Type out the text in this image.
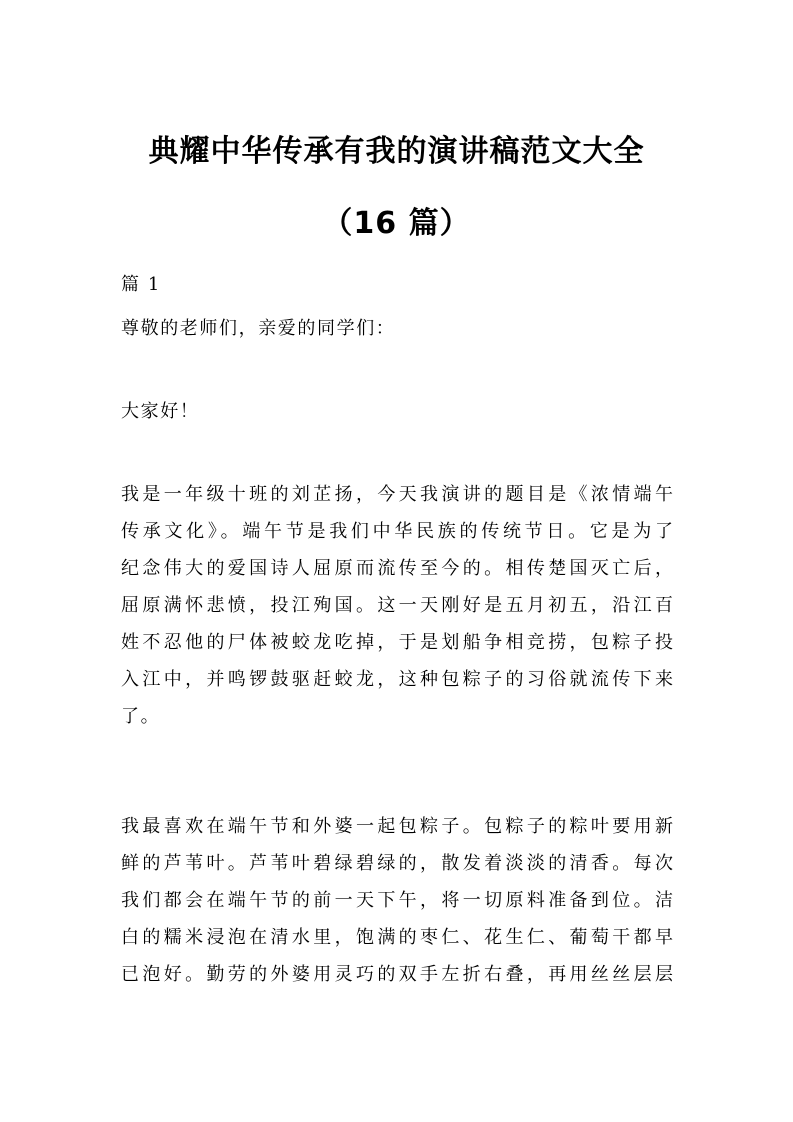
典耀中华传承有我的演讲稿范文大全
（16 篇）
篇 1
尊敬的老师们，亲爱的同学们：
大家好！
我是一年级十班的刘芷扬，今天我演讲的题目是《浓情端午
传承文化》。端午节是我们中华民族的传统节日。它是为了
纪念伟大的爱国诗人屈原而流传至今的。相传楚国灭亡后，
屈原满怀悲愤，投江殉国。这一天刚好是五月初五，沿江百
姓不忍他的尸体被蛟龙吃掉，于是划船争相竞捞，包粽子投
入江中，并鸣锣鼓驱赶蛟龙，这种包粽子的习俗就流传下来
了。
我最喜欢在端午节和外婆一起包粽子。包粽子的粽叶要用新
鲜的芦苇叶。芦苇叶碧绿碧绿的，散发着淡淡的清香。每次
我们都会在端午节的前一天下午，将一切原料准备到位。洁
白的糯米浸泡在清水里，饱满的枣仁、花生仁、葡萄干都早
已泡好。勤劳的外婆用灵巧的双手左折右叠，再用丝丝层层
